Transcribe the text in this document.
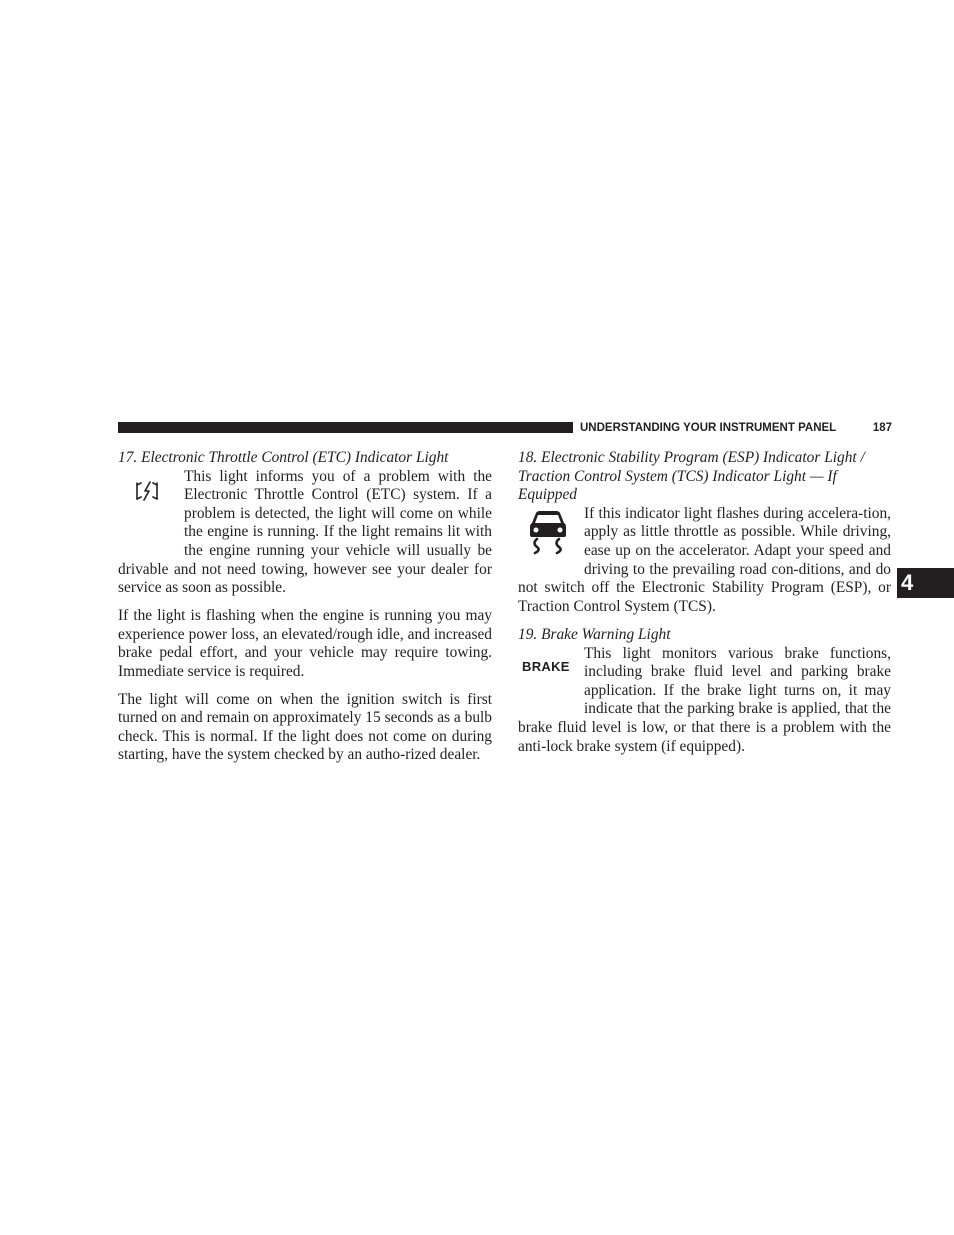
UNDERSTANDING YOUR INSTRUMENT PANEL	187
4

17. Electronic Throttle Control (ETC) Indicator Light

This light informs you of a problem with the Electronic Throttle Control (ETC) system. If a problem is detected, the light will come on while the engine is running. If the light remains lit with the engine running your vehicle will usually be drivable and not need towing, however see your dealer for service as soon as possible.

If the light is flashing when the engine is running you may experience power loss, an elevated/rough idle, and increased brake pedal effort, and your vehicle may require towing. Immediate service is required.

The light will come on when the ignition switch is first turned on and remain on approximately 15 seconds as a bulb check. This is normal. If the light does not come on during starting, have the system checked by an autho-rized dealer.

18. Electronic Stability Program (ESP) Indicator Light / Traction Control System (TCS) Indicator Light — If Equipped

If this indicator light flashes during accelera-tion, apply as little throttle as possible. While driving, ease up on the accelerator. Adapt your speed and driving to the prevailing road con-ditions, and do not switch off the Electronic Stability Program (ESP), or Traction Control System (TCS).

19. Brake Warning Light

BRAKE

This light monitors various brake functions, including brake fluid level and parking brake application. If the brake light turns on, it may indicate that the parking brake is applied, that the brake fluid level is low, or that there is a problem with the anti-lock brake system (if equipped).
